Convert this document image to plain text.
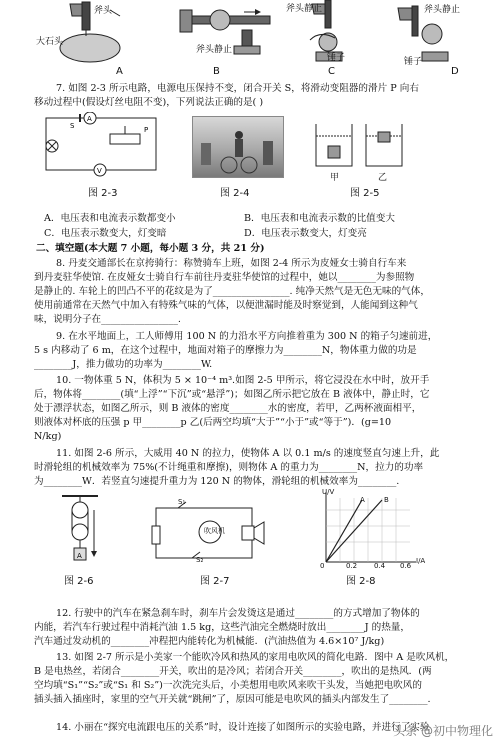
斧头
大石头
斧头静止
斧头静止
锤子
斧头静止
锤子
A	B	C	D
7. 如图 2-3 所示电路，电源电压保持不变，闭合开关 S，将滑动变阻器的滑片 P 向右
移动过程中(假设灯丝电阻不变)，下列说法正确的是( )
A
V
S	P
图 2-3	图 2-4
甲	乙
图 2-5
A．电压表和电流表示数都变小	B．电压表和电流表示数的比值变大
C．电压表示数变大，灯变暗	D．电压表示数变大，灯变亮
二、填空题(本大题 7 小题，每小题 3 分，共 21 分)
8. 丹麦交通部长在京挎骑行：称赞骑车上班，如图 2-4 所示为皮娅女士骑自行车来
到丹麦驻华使馆. 在皮娅女士骑自行车前往丹麦驻华使馆的过程中，她以________为参照物
是静止的. 车轮上的凹凸不平的花纹是为了________________. 纯净天然气是无色无味的气体，
使用前通常在天然气中加入有特殊气味的气体，以便泄漏时能及时察觉到，人能闻到这种气
味，说明分子在________________.
9. 在水平地面上，工人师傅用 100 N 的力沿水平方向推着重为 300 N 的箱子匀速前进，
5 s 内移动了 6 m，在这个过程中，地面对箱子的摩擦力为________N，物体重力做的功是
________J，推力做功的功率为________W.
10. 一物体重 5 N，体积为 5 × 10⁻⁴ m³.如图 2-5 甲所示，将它浸没在水中时，放开手
后，物体将________(填“上浮”“下沉”或“悬浮”)；如图乙所示把它放在 B 液体中，静止时，它
处于漂浮状态，如图乙所示，则 B 液体的密度________水的密度，若甲，乙两杯液面相平，
则液体对杯底的压强 p 甲________p 乙(后两空均填“大于”“小于”或“等于”)．(g=10
N/kg)
11. 如图 2-6 所示，大威用 40 N 的拉力，使物体 A 以 0.1 m/s 的速度竖直匀速上升，此
时滑轮组的机械效率为 75%(不计绳重和摩擦)，则物体 A 的重力为________N，拉力的功率
为________W．若竖直匀速提升重力为 120 N 的物体，滑轮组的机械效率为________.
A
图 2-6
吹风机
S₁
S₂
图 2-7
U/V
I/A
0	0.2 0.4 0.6
A	B
图 2-8
12. 行驶中的汽车在紧急刹车时，刹车片会发烫这是通过________的方式增加了物体的
内能，若汽车行驶过程中消耗汽油 1.5 kg，这些汽油完全燃烧时放出________J 的热量，
汽车通过发动机的________冲程把内能转化为机械能．(汽油热值为 4.6×10⁷ J/kg)
13. 如图 2-7 所示是小美家一个能吹冷风和热风的家用电吹风的简化电路．图中 A 是吹风机，
B 是电热丝，若闭合________开关，吹出的是冷风；若闭合开关________，吹出的是热风．(两
空均填“S₁”“S₂”或“S₁ 和 S₂”)一次洗完头后，小美想用电吹风来吹干头发，当她把电吹风的
插头插入插座时，家里的空气开关就“跳闸”了，原因可能是电吹风的插头内部发生了________.
14. 小丽在“探究电流跟电压的关系”时，设计连接了如图所示的实验电路，并进行了实验
头条 @初中物理化
